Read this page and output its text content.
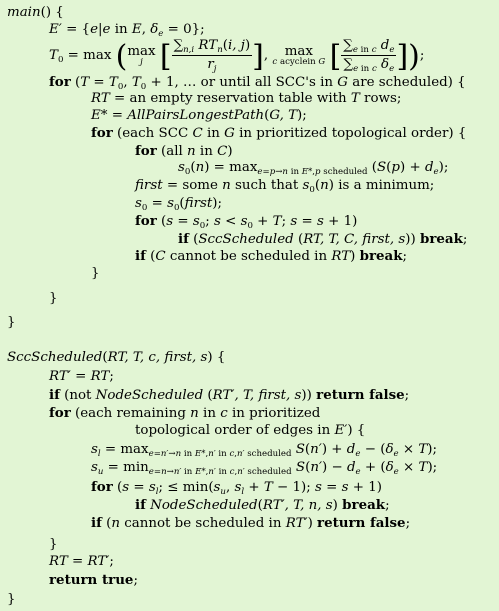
main() {
E′ = {e|e in E, $\delta_e = 0$};
$T_0 = \max (\max$
j [ $\frac{\sum_{n,i} RT_n(i, j)}{r_j}$ ], max
c acyclein G [ $\frac{\sum_{e in c} d_e}{\sum_{e in c} \delta_e}$ ]);
for ($T = T_0$, $T_0 + 1$, … or until all SCC's in G are scheduled) {
RT = an empty reservation table with T rows;
E* = AllPairsLongestPath(G, T);
for (each SCC C in G in prioritized topological order) {
for (all n in C)
$s_0(n) = \max_{e=p\to n in E*,p scheduled} (S(p) + d_e)$;
first = some n such that $s_0(n)$ is a minimum;
$s_0$ = $s_0(first)$;
for ($s = s_0$; $s < s_0 + T$; s = s + 1)
if (SccScheduled (RT, T, C, first, s)) break;
if (C cannot be scheduled in RT) break;
}
}
}
SccScheduled(RT, T, c, first, s) {
RT′ = RT;
if (not NodeScheduled (RT′, T, first, s)) return false;
for (each remaining n in c in prioritized
topological order of edges in E′) {
$s_l = \max_{e=n'\to n in E*,n' in c,n' scheduled} S(n') + d_e - (\delta_e \times T)$;
$s_u = \min_{e=n\to n' in E*,n' in c,n' scheduled} S(n') - d_e + (\delta_e \times T)$;
for ($s = s_l$; ≤ $\min(s_u$, $s_l + T - 1$); s = s + 1)
if NodeScheduled(RT′, T, n, s) break;
if (n cannot be scheduled in RT′) return false;
}
RT = RT′;
return true;
}
